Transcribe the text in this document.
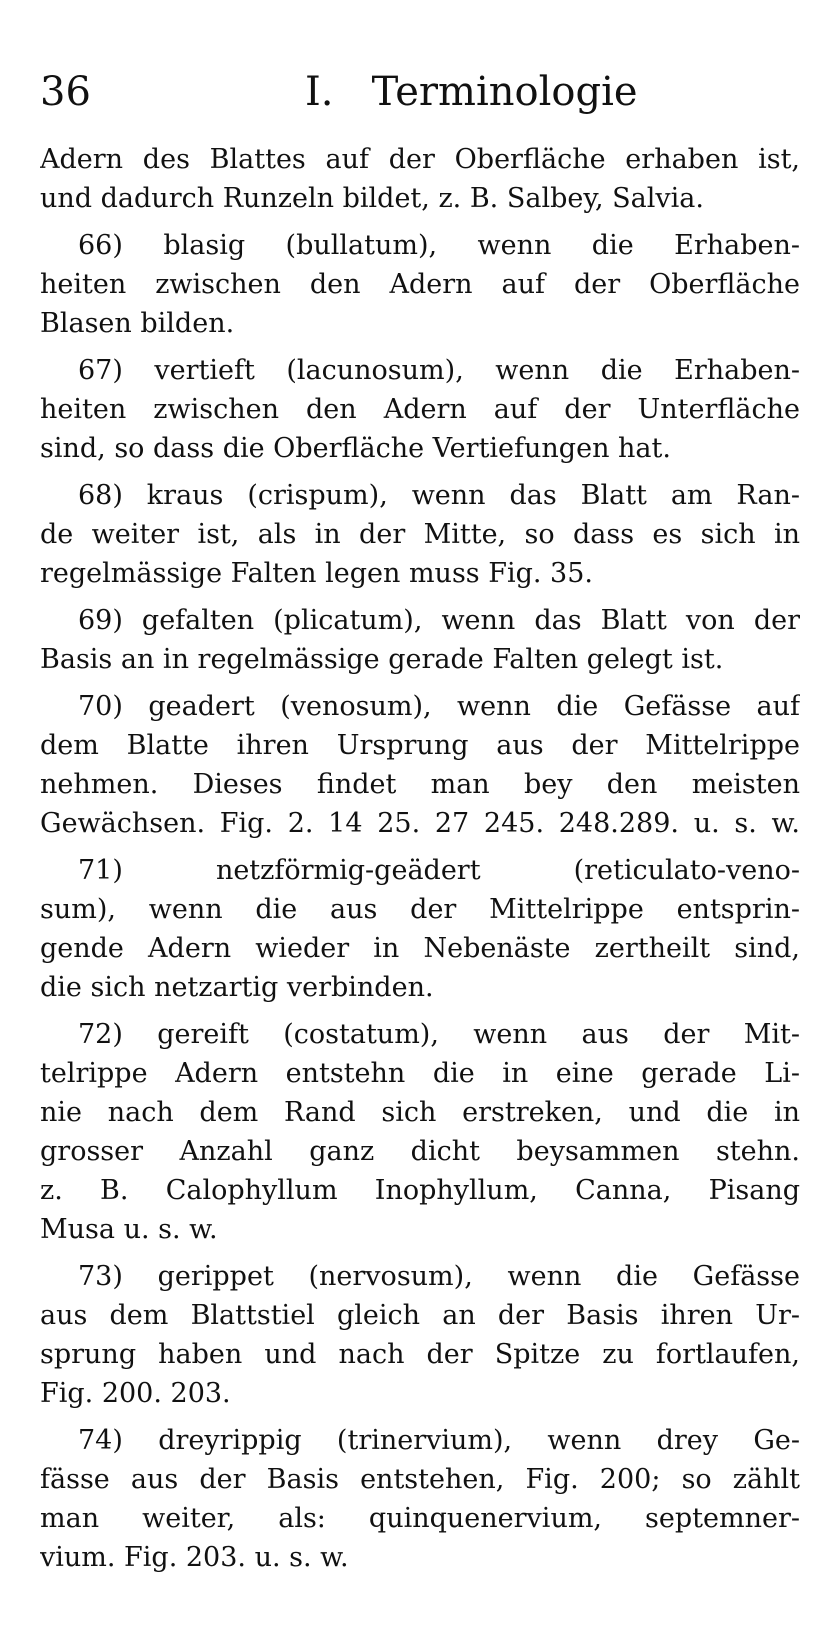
36	I.   Terminologie
Adern des Blattes auf der Oberfläche erhaben ist,
und dadurch Runzeln bildet, z. B. Salbey, Salvia.
66) blasig (bullatum), wenn die Erhaben-
heiten zwischen den Adern auf der Oberfläche
Blasen bilden.
67) vertieft (lacunosum), wenn die Erhaben-
heiten zwischen den Adern auf der Unterfläche
sind, so dass die Oberfläche Vertiefungen hat.
68) kraus (crispum), wenn das Blatt am Ran-
de weiter ist, als in der Mitte, so dass es sich in
regelmässige Falten legen muss Fig. 35.
69) gefalten (plicatum), wenn das Blatt von der
Basis an in regelmässige gerade Falten gelegt ist.
70) geadert (venosum), wenn die Gefässe auf
dem Blatte ihren Ursprung aus der Mittelrippe
nehmen. Dieses findet man bey den meisten
Gewächsen. Fig. 2. 14 25. 27 245. 248.289. u. s. w.
71) netzförmig-geädert (reticulato-veno-
sum), wenn die aus der Mittelrippe entsprin-
gende Adern wieder in Nebenäste zertheilt sind,
die sich netzartig verbinden.
72) gereift (costatum), wenn aus der Mit-
telrippe Adern entstehn die in eine gerade Li-
nie nach dem Rand sich erstreken, und die in
grosser Anzahl ganz dicht beysammen stehn.
z. B. Calophyllum Inophyllum, Canna, Pisang
Musa u. s. w.
73) gerippet (nervosum), wenn die Gefässe
aus dem Blattstiel gleich an der Basis ihren Ur-
sprung haben und nach der Spitze zu fortlaufen,
Fig. 200. 203.
74) dreyrippig (trinervium), wenn drey Ge-
fässe aus der Basis entstehen, Fig. 200; so zählt
man weiter, als: quinquenervium, septemner-
vium. Fig. 203. u. s. w.
